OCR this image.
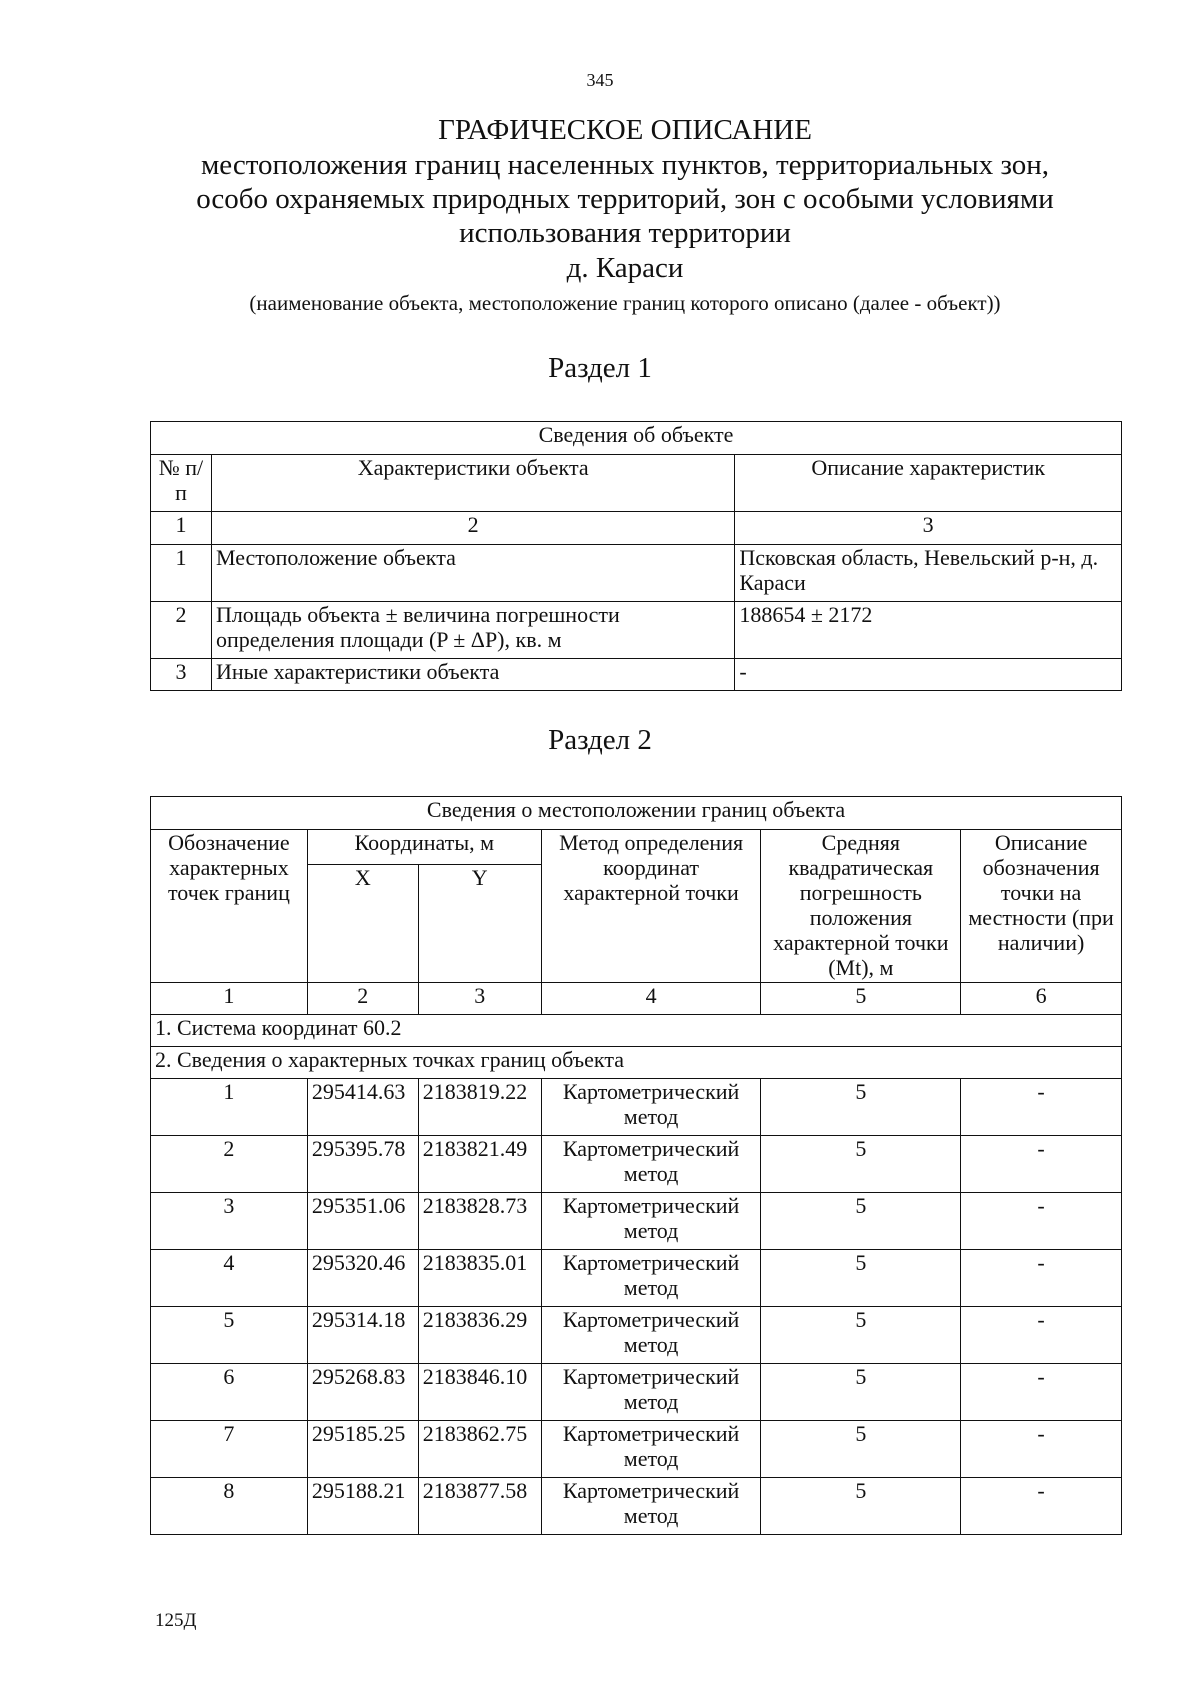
345
ГРАФИЧЕСКОЕ ОПИСАНИЕ
местоположения границ населенных пунктов, территориальных зон,
особо охраняемых природных территорий, зон с особыми условиями
использования территории
д. Караси
(наименование объекта, местоположение границ которого описано (далее - объект))
Раздел 1
Сведения об объекте		
№ п/п	Характеристики объекта	Описание характеристик
1	2	3
1	Местоположение объекта	Псковская область, Невельский р-н, д. Караси
2	Площадь объекта ± величина погрешности определения площади (P ± ΔP), кв. м	188654 ± 2172
3	Иные характеристики объекта	-
Раздел 2
Сведения о местоположении границ объекта					
Обозначение характерных точек границ	Координаты, м		Метод определения координат характерной точки	Средняя квадратическая погрешность положения характерной точки (Mt), м	Описание обозначения точки на местности (при наличии)
	X	Y			
1	2	3	4	5	6
1. Система координат 60.2					
2. Сведения о характерных точках границ объекта					
1	295414.63	2183819.22	Картометрический метод	5	-
2	295395.78	2183821.49	Картометрический метод	5	-
3	295351.06	2183828.73	Картометрический метод	5	-
4	295320.46	2183835.01	Картометрический метод	5	-
5	295314.18	2183836.29	Картометрический метод	5	-
6	295268.83	2183846.10	Картометрический метод	5	-
7	295185.25	2183862.75	Картометрический метод	5	-
8	295188.21	2183877.58	Картометрический метод	5	-
125Д
